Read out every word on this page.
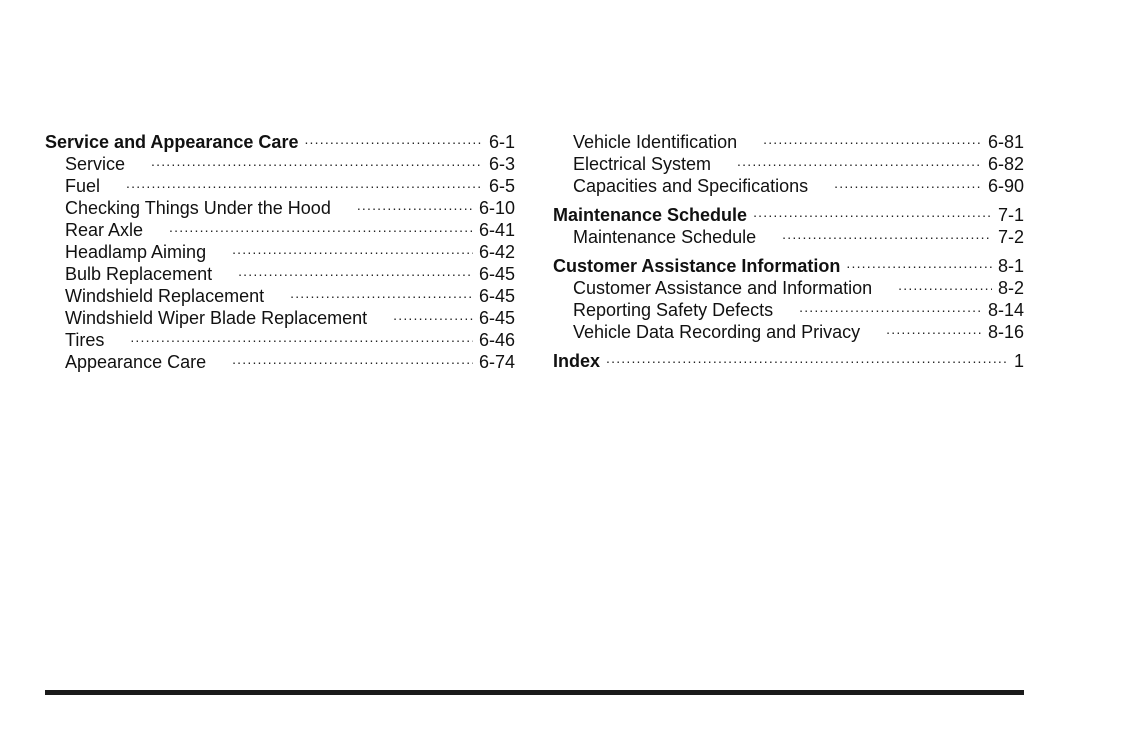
Service and Appearance Care .....	6-1
Service .....	6-3
Fuel .....	6-5
Checking Things Under the Hood .....	6-10
Rear Axle .....	6-41
Headlamp Aiming .....	6-42
Bulb Replacement .....	6-45
Windshield Replacement .....	6-45
Windshield Wiper Blade Replacement .....	6-45
Tires .....	6-46
Appearance Care .....	6-74
Vehicle Identification .....	6-81
Electrical System .....	6-82
Capacities and Specifications .....	6-90
Maintenance Schedule .....	7-1
Maintenance Schedule .....	7-2
Customer Assistance Information .....	8-1
Customer Assistance and Information .....	8-2
Reporting Safety Defects .....	8-14
Vehicle Data Recording and Privacy .....	8-16
Index .....	1
